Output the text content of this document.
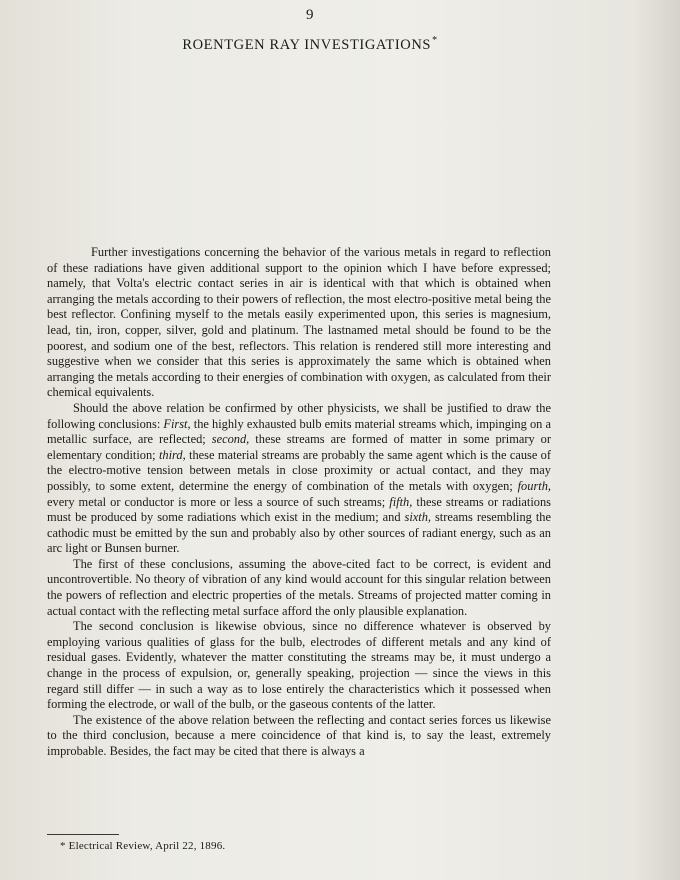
9
ROENTGEN RAY INVESTIGATIONS*

Further investigations concerning the behavior of the various metals in regard to reflection of these radiations have given additional support to the opinion which I have before expressed; namely, that Volta's electric contact series in air is identical with that which is obtained when arranging the metals according to their powers of reflection, the most electro-positive metal being the best reflector. Confining myself to the metals easily experimented upon, this series is magnesium, lead, tin, iron, copper, silver, gold and platinum. The lastnamed metal should be found to be the poorest, and sodium one of the best, reflectors. This relation is rendered still more interesting and suggestive when we consider that this series is approximately the same which is obtained when arranging the metals according to their energies of combination with oxygen, as calculated from their chemical equivalents.

Should the above relation be confirmed by other physicists, we shall be justified to draw the following conclusions: First, the highly exhausted bulb emits material streams which, impinging on a metallic surface, are reflected; second, these streams are formed of matter in some primary or elementary condition; third, these material streams are probably the same agent which is the cause of the electro-motive tension between metals in close proximity or actual contact, and they may possibly, to some extent, determine the energy of combination of the metals with oxygen; fourth, every metal or conductor is more or less a source of such streams; fifth, these streams or radiations must be produced by some radiations which exist in the medium; and sixth, streams resembling the cathodic must be emitted by the sun and probably also by other sources of radiant energy, such as an arc light or Bunsen burner.

The first of these conclusions, assuming the above-cited fact to be correct, is evident and uncontrovertible. No theory of vibration of any kind would account for this singular relation between the powers of reflection and electric properties of the metals. Streams of projected matter coming in actual contact with the reflecting metal surface afford the only plausible explanation.

The second conclusion is likewise obvious, since no difference whatever is observed by employing various qualities of glass for the bulb, electrodes of different metals and any kind of residual gases. Evidently, whatever the matter constituting the streams may be, it must undergo a change in the process of expulsion, or, generally speaking, projection — since the views in this regard still differ — in such a way as to lose entirely the characteristics which it possessed when forming the electrode, or wall of the bulb, or the gaseous contents of the latter.

The existence of the above relation between the reflecting and contact series forces us likewise to the third conclusion, because a mere coincidence of that kind is, to say the least, extremely improbable. Besides, the fact may be cited that there is always a

* Electrical Review, April 22, 1896.
